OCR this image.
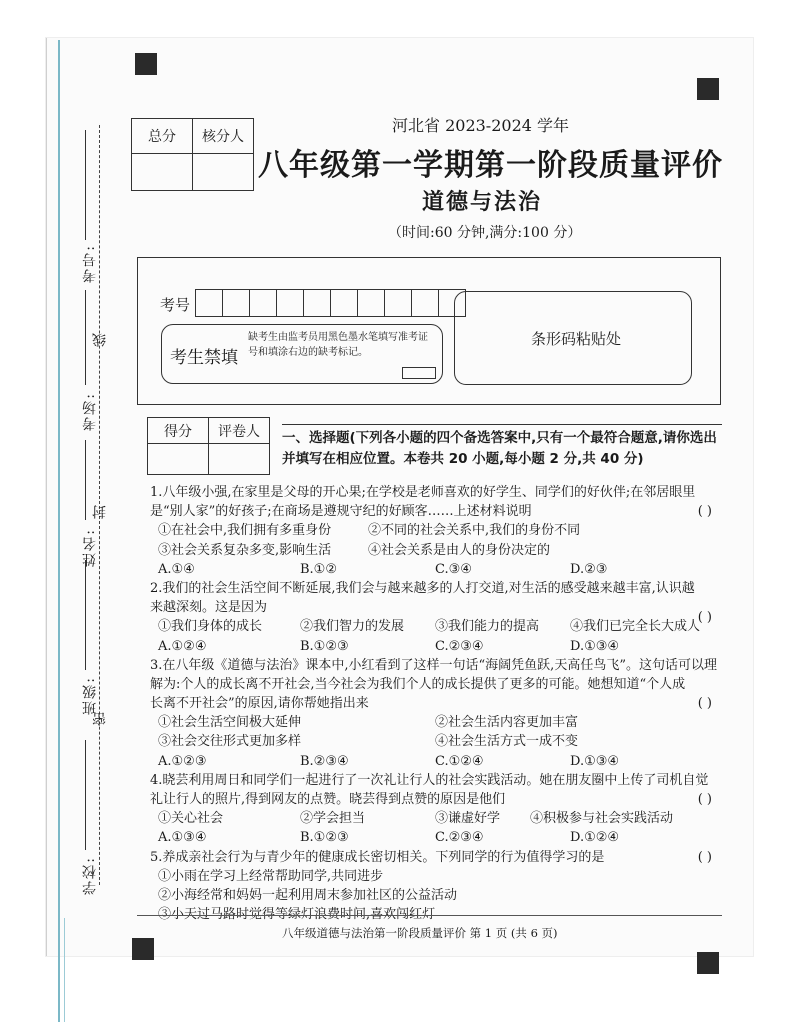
考号:
线
考场:
封
姓名:
班级:
密
学校:
总分	核分人

河北省 2023-2024 学年
八年级第一学期第一阶段质量评价
道德与法治
（时间:60 分钟,满分:100 分）
考号
考生禁填
缺考生由监考员用黑色墨水笔填写准考证号和填涂右边的缺考标记。
条形码粘贴处
得分	评卷人
	一、选择题(下列各小题的四个备选答案中,只有一个最符合题意,请你选出并填写在相应位置。本卷共 20 小题,每小题 2 分,共 40 分)
1.八年级小强,在家里是父母的开心果;在学校是老师喜欢的好学生、同学们的好伙伴;在邻居眼里
是“别人家”的好孩子;在商场是遵规守纪的好顾客……上述材料说明	( )
①在社会中,我们拥有多重身份	②不同的社会关系中,我们的身份不同
③社会关系复杂多变,影响生活	④社会关系是由人的身份决定的
A.①④	B.①②	C.③④	D.②③
2.我们的社会生活空间不断延展,我们会与越来越多的人打交道,对生活的感受越来越丰富,认识越
来越深刻。这是因为
①我们身体的成长	②我们智力的发展 ③我们能力的提高 ④我们已完全长大成人
( )
A.①②④	B.①②③	C.②③④	D.①③④
3.在八年级《道德与法治》课本中,小红看到了这样一句话“海阔凭鱼跃,天高任鸟飞”。这句话可以理
解为:个人的成长离不开社会,当今社会为我们个人的成长提供了更多的可能。她想知道“个人成
长离不开社会”的原因,请你帮她指出来	( )
①社会生活空间极大延伸	②社会生活内容更加丰富
③社会交往形式更加多样	④社会生活方式一成不变
A.①②③	B.②③④	C.①②④	D.①③④
4.晓芸利用周日和同学们一起进行了一次礼让行人的社会实践活动。她在朋友圈中上传了司机自觉
礼让行人的照片,得到网友的点赞。晓芸得到点赞的原因是他们	( )
①关心社会	②学会担当	③谦虚好学 ④积极参与社会实践活动
A.①③④	B.①②③	C.②③④	D.①②④
5.养成亲社会行为与青少年的健康成长密切相关。下列同学的行为值得学习的是	( )
①小雨在学习上经常帮助同学,共同进步
②小海经常和妈妈一起利用周末参加社区的公益活动
③小天过马路时觉得等绿灯浪费时间,喜欢闯红灯
八年级道德与法治第一阶段质量评价 第 1 页 (共 6 页)
